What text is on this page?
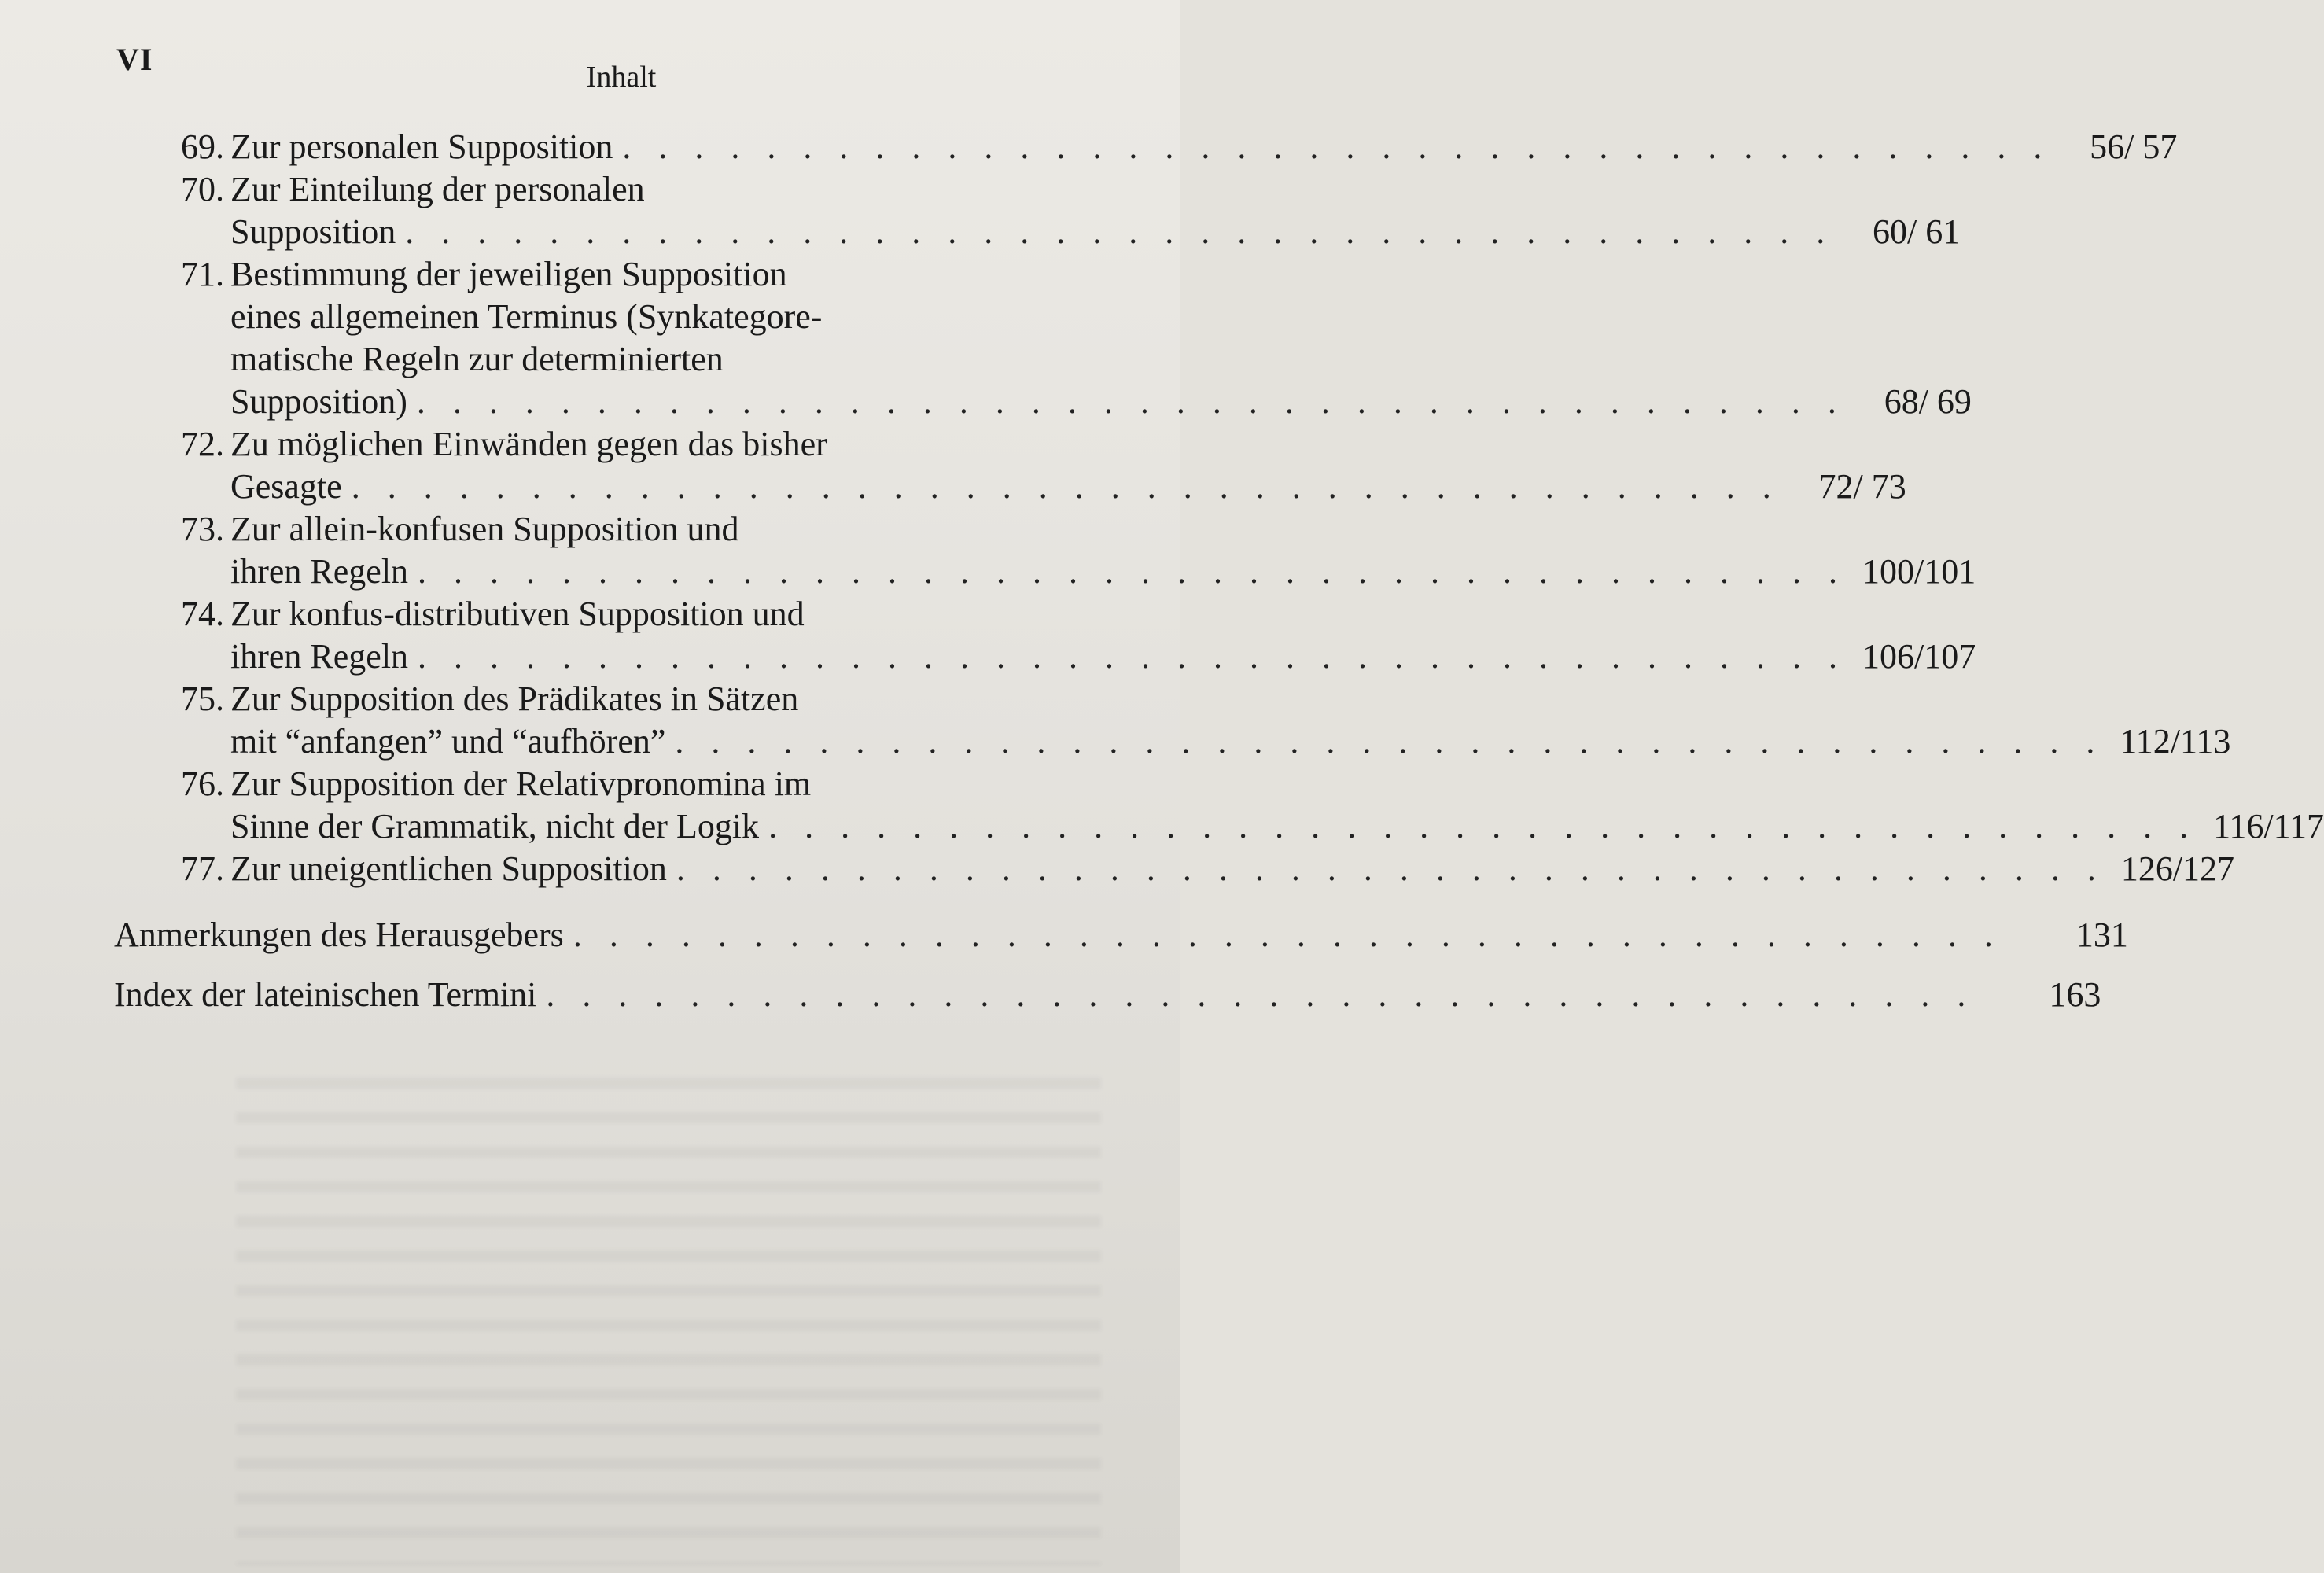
VI	Inhalt
69. Zur personalen Supposition . . . . . . . . . . . . . . . . . . . . . . . . . . . . . . . . . . . . . . . .	56/ 57
70. Zur Einteilung der personalen
Supposition . . . . . . . . . . . . . . . . . . . . . . . . . . . . . . . . . . . . . . . .	60/ 61
71. Bestimmung der jeweiligen Supposition
eines allgemeinen Terminus (Synkategore-
matische Regeln zur determinierten
Supposition) . . . . . . . . . . . . . . . . . . . . . . . . . . . . . . . . . . . . . . . .	68/ 69
72. Zu möglichen Einwänden gegen das bisher
Gesagte . . . . . . . . . . . . . . . . . . . . . . . . . . . . . . . . . . . . . . . .	72/ 73
73. Zur allein-konfusen Supposition und
ihren Regeln . . . . . . . . . . . . . . . . . . . . . . . . . . . . . . . . . . . . . . . . 100/101
74. Zur konfus-distributiven Supposition und
ihren Regeln . . . . . . . . . . . . . . . . . . . . . . . . . . . . . . . . . . . . . . . . 106/107
75. Zur Supposition des Prädikates in Sätzen
mit “anfangen” und “aufhören” . . . . . . . . . . . . . . . . . . . . . . . . . . . . . . . . . . . . . . . . 112/113
76. Zur Supposition der Relativpronomina im
Sinne der Grammatik, nicht der Logik . . . . . . . . . . . . . . . . . . . . . . . . . . . . . . . . . . . . . . . . 116/117
77. Zur uneigentlichen Supposition . . . . . . . . . . . . . . . . . . . . . . . . . . . . . . . . . . . . . . . . 126/127
Anmerkungen des Herausgebers . . . . . . . . . . . . . . . . . . . . . . . . . . . . . . . . . . . . . . . .	131
Index der lateinischen Termini . . . . . . . . . . . . . . . . . . . . . . . . . . . . . . . . . . . . . . . .	163
